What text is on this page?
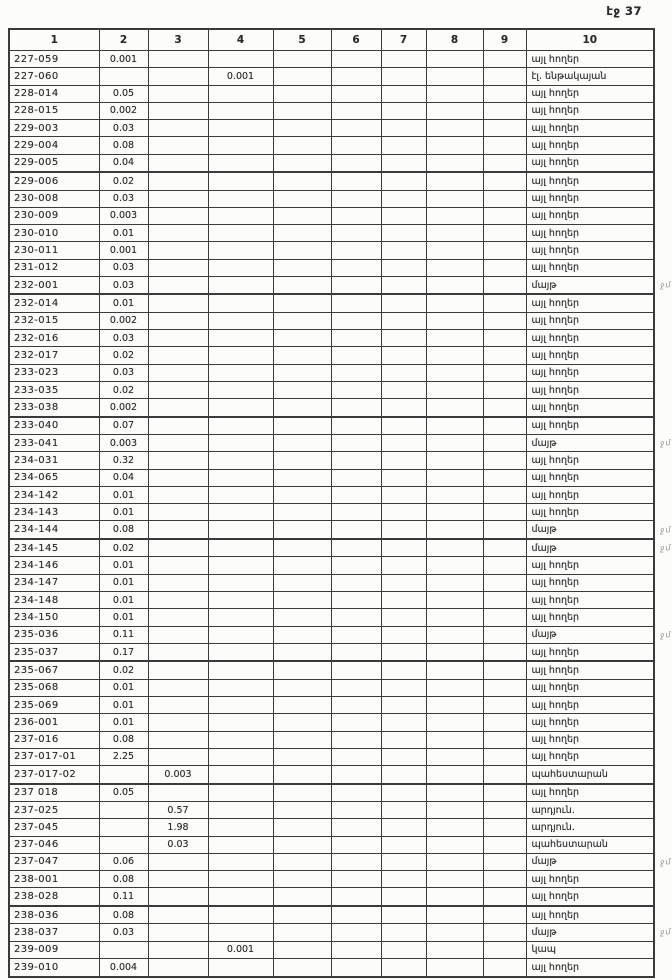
էջ 37
1	2	3	4	5	6	7	8	9	10
227-059	0.001								այլ հողեր
227-060			0.001						էլ. ենթակայան
228-014	0.05								այլ հողեր
228-015	0.002								այլ հողեր
229-003	0.03								այլ հողեր
229-004	0.08								այլ հողեր
229-005	0.04								այլ հողեր
229-006	0.02								այլ հողեր
230-008	0.03								այլ հողեր
230-009	0.003								այլ հողեր
230-010	0.01								այլ հողեր
230-011	0.001								այլ հողեր
231-012	0.03								այլ հողեր
232-001	0.03								մայթ ջմ

232-014	0.01								այլ հողեր
232-015	0.002								այլ հողեր
232-016	0.03								այլ հողեր
232-017	0.02								այլ հողեր
233-023	0.03								այլ հողեր
233-035	0.02								այլ հողեր
233-038	0.002								այլ հողեր
233-040	0.07								այլ հողեր
233-041	0.003								մայթ ջմ

234-031	0.32								այլ հողեր
234-065	0.04								այլ հողեր
234-142	0.01								այլ հողեր
234-143	0.01								այլ հողեր
234-144	0.08								մայթ ջմ

234-145	0.02								մայթ ջմ

234-146	0.01								այլ հողեր
234-147	0.01								այլ հողեր
234-148	0.01								այլ հողեր
234-150	0.01								այլ հողեր
235-036	0.11								մայթ ջմ

235-037	0.17								այլ հողեր
235-067	0.02								այլ հողեր
235-068	0.01								այլ հողեր
235-069	0.01								այլ հողեր
236-001	0.01								այլ հողեր
237-016	0.08								այլ հողեր
237-017-01	2.25								այլ հողեր
237-017-02		0.003							պահեստարան
237 018	0.05								այլ հողեր
237-025		0.57							արդյուն.
237-045		1.98							արդյուն.
237-046		0.03							պահեստարան
237-047	0.06								մայթ ջմ

238-001	0.08								այլ հողեր
238-028	0.11								այլ հողեր
238-036	0.08								այլ հողեր
238-037	0.03								մայթ ջմ

239-009			0.001						կապ
239-010	0.004								այլ հողեր
